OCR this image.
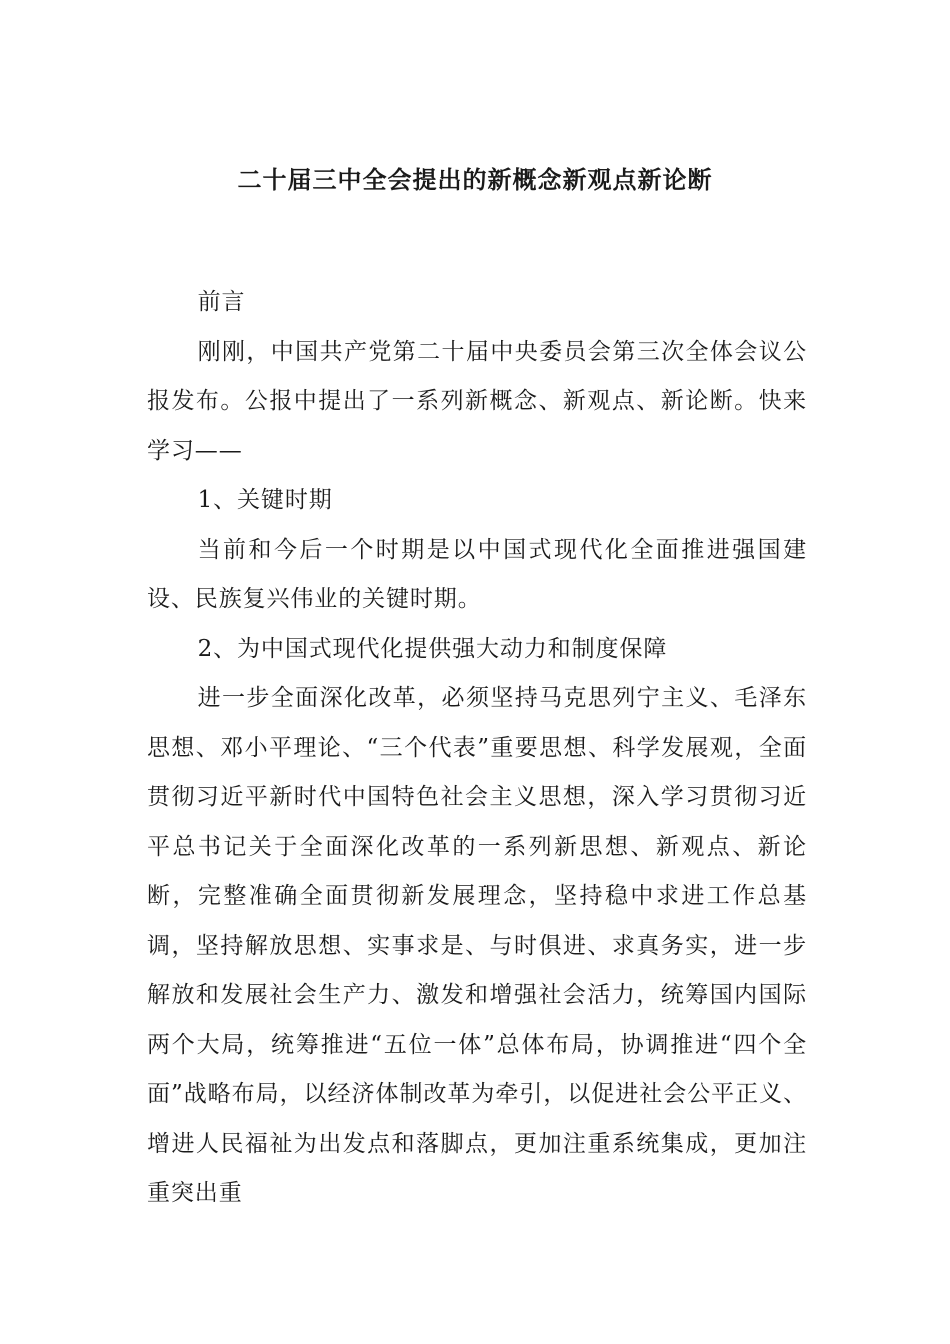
二十届三中全会提出的新概念新观点新论断

前言

刚刚，中国共产党第二十届中央委员会第三次全体会议公报发布。公报中提出了一系列新概念、新观点、新论断。快来学习——

1、关键时期

当前和今后一个时期是以中国式现代化全面推进强国建设、民族复兴伟业的关键时期。

2、为中国式现代化提供强大动力和制度保障

进一步全面深化改革，必须坚持马克思列宁主义、毛泽东思想、邓小平理论、“三个代表”重要思想、科学发展观，全面贯彻习近平新时代中国特色社会主义思想，深入学习贯彻习近平总书记关于全面深化改革的一系列新思想、新观点、新论断，完整准确全面贯彻新发展理念，坚持稳中求进工作总基调，坚持解放思想、实事求是、与时俱进、求真务实，进一步解放和发展社会生产力、激发和增强社会活力，统筹国内国际两个大局，统筹推进“五位一体”总体布局，协调推进“四个全面”战略布局，以经济体制改革为牵引，以促进社会公平正义、增进人民福祉为出发点和落脚点，更加注重系统集成，更加注重突出重
